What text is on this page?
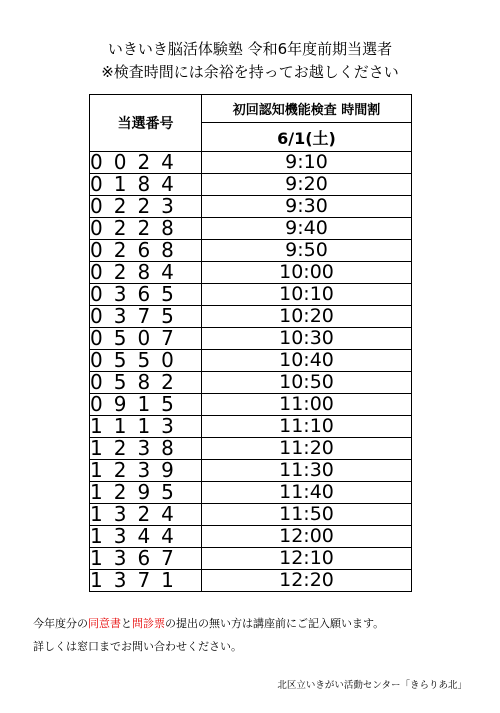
いきいき脳活体験塾 令和6年度前期当選者
※検査時間には余裕を持ってお越しください
当選番号	初回認知機能検査 時間割
	6/1(土)
0024	9:10
0184	9:20
0223	9:30
0228	9:40
0268	9:50
0284	10:00
0365	10:10
0375	10:20
0507	10:30
0550	10:40
0582	10:50
0915	11:00
1113	11:10
1238	11:20
1239	11:30
1295	11:40
1324	11:50
1344	12:00
1367	12:10
1371	12:20
今年度分の同意書と問診票の提出の無い方は講座前にご記入願います。
詳しくは窓口までお問い合わせください。
北区立いきがい活動センター「きらりあ北」
